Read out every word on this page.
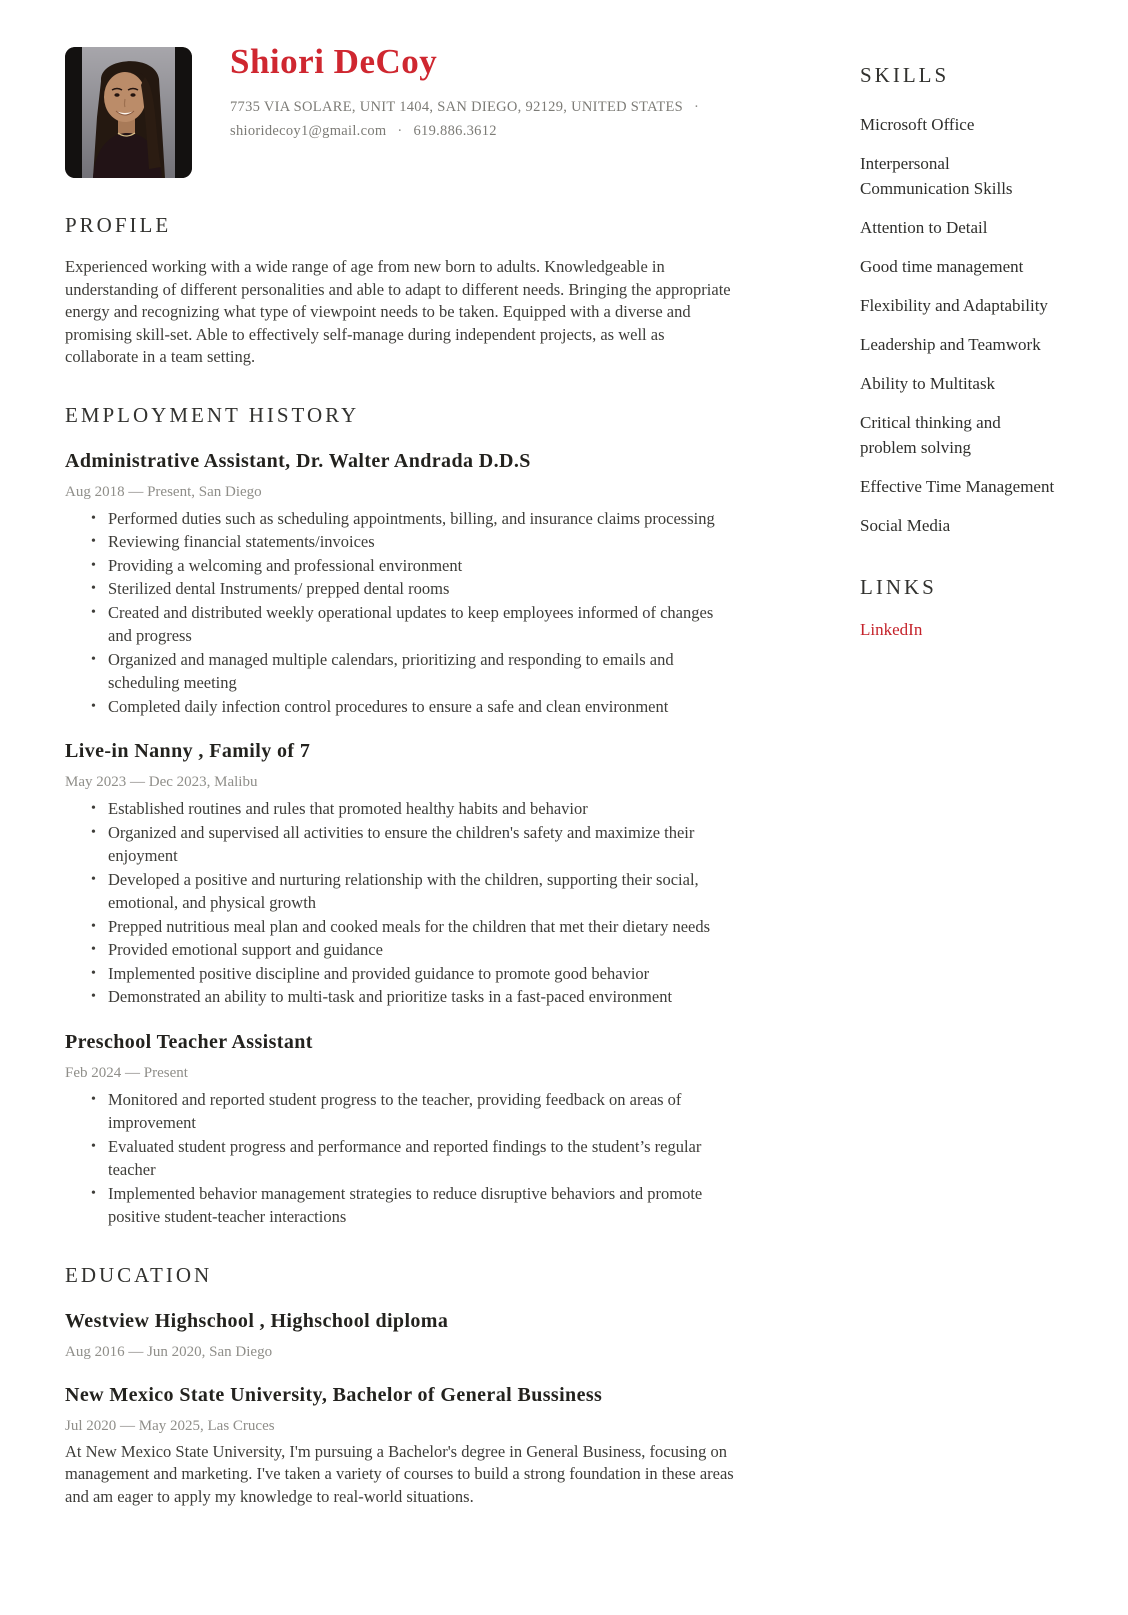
Shiori DeCoy
7735 VIA SOLARE, UNIT 1404, SAN DIEGO, 92129, UNITED STATES ·
shioridecoy1@gmail.com · 619.886.3612
PROFILE
Experienced working with a wide range of age from new born to adults. Knowledgeable in understanding of different personalities and able to adapt to different needs. Bringing the appropriate energy and recognizing what type of viewpoint needs to be taken. Equipped with a diverse and promising skill-set. Able to effectively self-manage during independent projects, as well as collaborate in a team setting.
EMPLOYMENT HISTORY
Administrative Assistant, Dr. Walter Andrada D.D.S
Aug 2018 — Present, San Diego
• Performed duties such as scheduling appointments, billing, and insurance claims processing
• Reviewing financial statements/invoices
• Providing a welcoming and professional environment
• Sterilized dental Instruments/ prepped dental rooms
• Created and distributed weekly operational updates to keep employees informed of changes and progress
• Organized and managed multiple calendars, prioritizing and responding to emails and scheduling meeting
• Completed daily infection control procedures to ensure a safe and clean environment
Live-in Nanny , Family of 7
May 2023 — Dec 2023, Malibu
• Established routines and rules that promoted healthy habits and behavior
• Organized and supervised all activities to ensure the children's safety and maximize their enjoyment
• Developed a positive and nurturing relationship with the children, supporting their social, emotional, and physical growth
• Prepped nutritious meal plan and cooked meals for the children that met their dietary needs
• Provided emotional support and guidance
• Implemented positive discipline and provided guidance to promote good behavior
• Demonstrated an ability to multi-task and prioritize tasks in a fast-paced environment
Preschool Teacher Assistant
Feb 2024 — Present
• Monitored and reported student progress to the teacher, providing feedback on areas of improvement
• Evaluated student progress and performance and reported findings to the student’s regular teacher
• Implemented behavior management strategies to reduce disruptive behaviors and promote positive student-teacher interactions
EDUCATION
Westview Highschool , Highschool diploma
Aug 2016 — Jun 2020, San Diego
New Mexico State University, Bachelor of General Bussiness
Jul 2020 — May 2025, Las Cruces
At New Mexico State University, I'm pursuing a Bachelor's degree in General Business, focusing on management and marketing. I've taken a variety of courses to build a strong foundation in these areas and am eager to apply my knowledge to real-world situations.
SKILLS
Microsoft Office
Interpersonal Communication Skills
Attention to Detail
Good time management
Flexibility and Adaptability
Leadership and Teamwork
Ability to Multitask
Critical thinking and problem solving
Effective Time Management
Social Media
LINKS
LinkedIn
